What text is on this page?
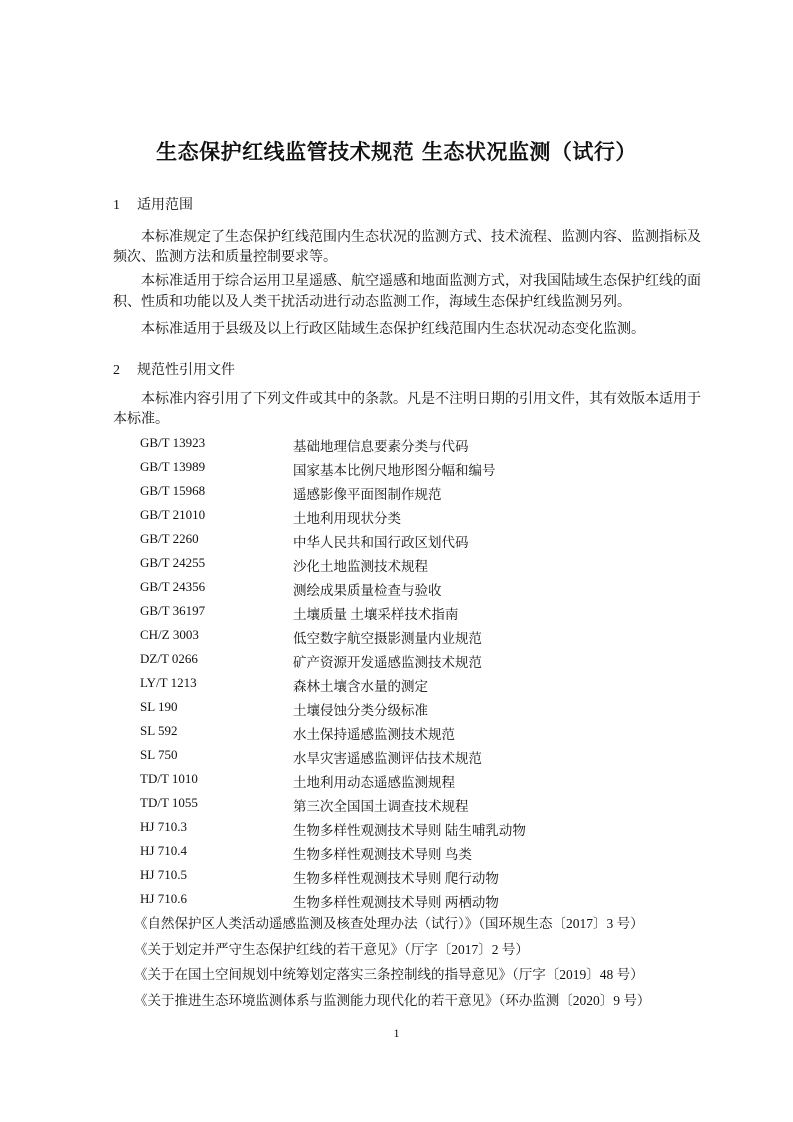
生态保护红线监管技术规范 生态状况监测（试行）
1 适用范围
本标准规定了生态保护红线范围内生态状况的监测方式、技术流程、监测内容、监测指标及
频次、监测方法和质量控制要求等。
本标准适用于综合运用卫星遥感、航空遥感和地面监测方式，对我国陆域生态保护红线的面
积、性质和功能以及人类干扰活动进行动态监测工作，海域生态保护红线监测另列。
本标准适用于县级及以上行政区陆域生态保护红线范围内生态状况动态变化监测。
2 规范性引用文件
本标准内容引用了下列文件或其中的条款。凡是不注明日期的引用文件，其有效版本适用于
本标准。
GB/T 13923	基础地理信息要素分类与代码
GB/T 13989	国家基本比例尺地形图分幅和编号
GB/T 15968	遥感影像平面图制作规范
GB/T 21010	土地利用现状分类
GB/T 2260	中华人民共和国行政区划代码
GB/T 24255	沙化土地监测技术规程
GB/T 24356	测绘成果质量检查与验收
GB/T 36197	土壤质量 土壤采样技术指南
CH/Z 3003	低空数字航空摄影测量内业规范
DZ/T 0266	矿产资源开发遥感监测技术规范
LY/T 1213	森林土壤含水量的测定
SL 190	土壤侵蚀分类分级标准
SL 592	水土保持遥感监测技术规范
SL 750	水旱灾害遥感监测评估技术规范
TD/T 1010	土地利用动态遥感监测规程
TD/T 1055	第三次全国国土调查技术规程
HJ 710.3	生物多样性观测技术导则 陆生哺乳动物
HJ 710.4	生物多样性观测技术导则 鸟类
HJ 710.5	生物多样性观测技术导则 爬行动物
HJ 710.6	生物多样性观测技术导则 两栖动物
《自然保护区人类活动遥感监测及核查处理办法（试行）》（国环规生态〔2017〕3 号）
《关于划定并严守生态保护红线的若干意见》（厅字〔2017〕2 号）
《关于在国土空间规划中统筹划定落实三条控制线的指导意见》（厅字〔2019〕48 号）
《关于推进生态环境监测体系与监测能力现代化的若干意见》（环办监测〔2020〕9 号）
1
